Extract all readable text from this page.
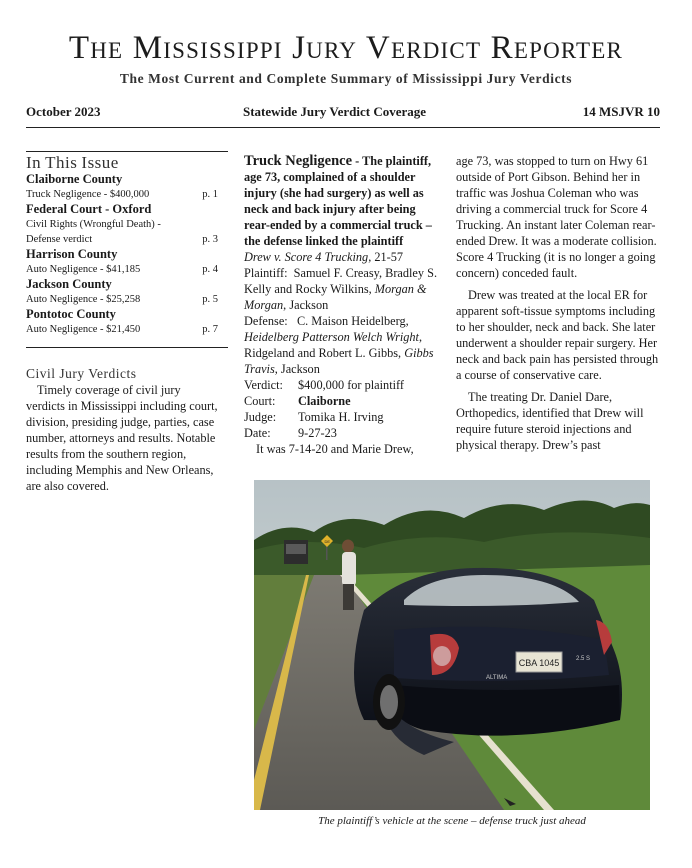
The Mississippi Jury Verdict Reporter
The Most Current and Complete Summary of Mississippi Jury Verdicts
October 2023	Statewide Jury Verdict Coverage	14 MSJVR 10
In This Issue
Claiborne County
Truck Negligence - $400,000	p. 1
Federal Court - Oxford
Civil Rights (Wrongful Death) - Defense verdict	p. 3
Harrison County
Auto Negligence - $41,185	p. 4
Jackson County
Auto Negligence - $25,258	p. 5
Pontotoc County
Auto Negligence - $21,450	p. 7
Civil Jury Verdicts
Timely coverage of civil jury verdicts in Mississippi including court, division, presiding judge, parties, case number, attorneys and results. Notable results from the southern region, including Memphis and New Orleans, are also covered.
Truck Negligence - The plaintiff, age 73, complained of a shoulder injury (she had surgery) as well as neck and back injury after being rear-ended by a commercial truck – the defense linked the plaintiff
Drew v. Score 4 Trucking, 21-57
Plaintiff: Samuel F. Creasy, Bradley S. Kelly and Rocky Wilkins, Morgan & Morgan, Jackson
Defense: C. Maison Heidelberg, Heidelberg Patterson Welch Wright, Ridgeland and Robert L. Gibbs, Gibbs Travis, Jackson
Verdict: $400,000 for plaintiff
Court: Claiborne
Judge: Tomika H. Irving
Date: 9-27-23
It was 7-14-20 and Marie Drew,

age 73, was stopped to turn on Hwy 61 outside of Port Gibson. Behind her in traffic was Joshua Coleman who was driving a commercial truck for Score 4 Trucking. An instant later Coleman rear-ended Drew. It was a moderate collision. Score 4 Trucking (it is no longer a going concern) conceded fault.

Drew was treated at the local ER for apparent soft-tissue symptoms including to her shoulder, neck and back. She later underwent a shoulder repair surgery. Her neck and back pain has persisted through a course of conservative care.

The treating Dr. Daniel Dare, Orthopedics, identified that Drew will require future steroid injections and physical therapy. Drew’s past

DE
CBA 1045	2.5 S
ALTIMA
The plaintiff’s vehicle at the scene – defense truck just ahead
